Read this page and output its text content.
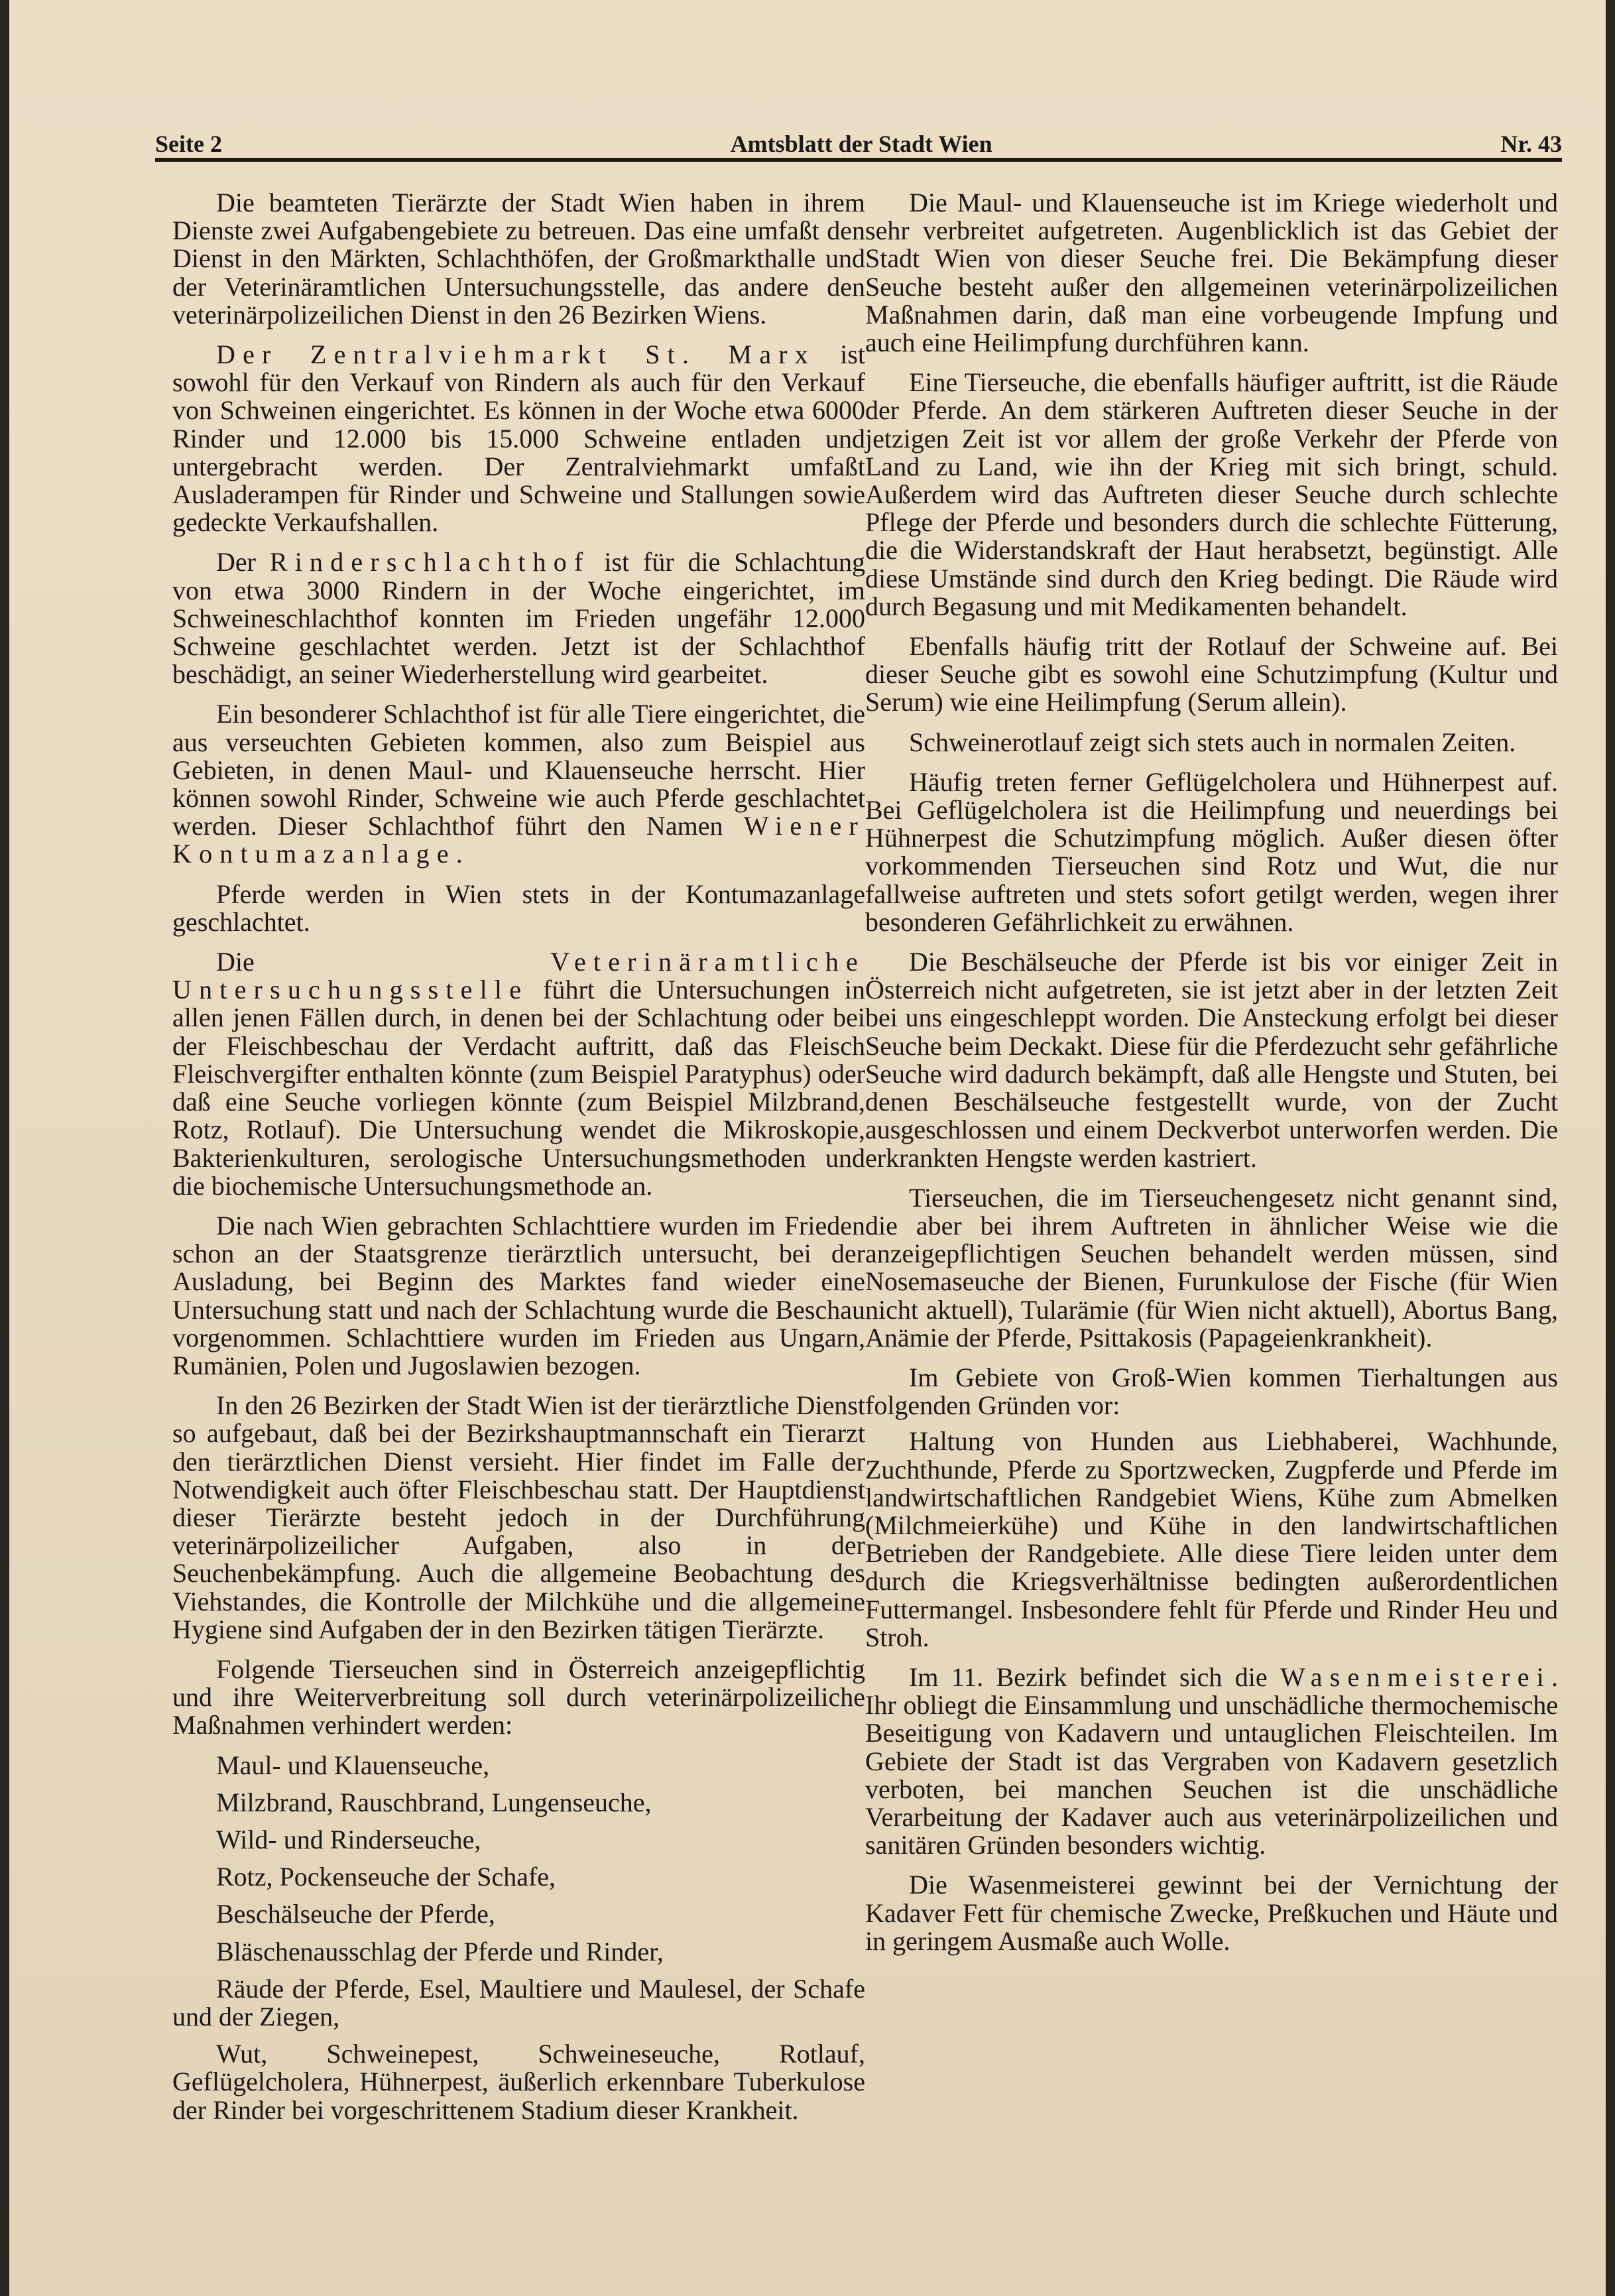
Seite 2	Amtsblatt der Stadt Wien	Nr. 43

Die beamteten Tierärzte der Stadt Wien haben in ihrem Dienste zwei Aufgabengebiete zu betreuen. Das eine umfaßt den Dienst in den Märkten, Schlachthöfen, der Großmarkthalle und der Veterinäramtlichen Untersuchungsstelle, das andere den veterinärpolizeilichen Dienst in den 26 Bezirken Wiens.

Der Zentralviehmarkt St. Marx ist sowohl für den Verkauf von Rindern als auch für den Verkauf von Schweinen eingerichtet. Es können in der Woche etwa 6000 Rinder und 12.000 bis 15.000 Schweine entladen und untergebracht werden. Der Zentralviehmarkt umfaßt Ausladerampen für Rinder und Schweine und Stallungen sowie gedeckte Verkaufshallen.

Der Rinderschlachthof ist für die Schlachtung von etwa 3000 Rindern in der Woche eingerichtet, im Schweineschlachthof konnten im Frieden ungefähr 12.000 Schweine geschlachtet werden. Jetzt ist der Schlachthof beschädigt, an seiner Wiederherstellung wird gearbeitet.

Ein besonderer Schlachthof ist für alle Tiere eingerichtet, die aus verseuchten Gebieten kommen, also zum Beispiel aus Gebieten, in denen Maul- und Klauenseuche herrscht. Hier können sowohl Rinder, Schweine wie auch Pferde geschlachtet werden. Dieser Schlachthof führt den Namen Wiener Kontumazanlage.

Pferde werden in Wien stets in der Kontumazanlage geschlachtet.

Die Veterinäramtliche Untersuchungsstelle führt die Untersuchungen in allen jenen Fällen durch, in denen bei der Schlachtung oder bei der Fleischbeschau der Verdacht auftritt, daß das Fleisch Fleischvergifter enthalten könnte (zum Beispiel Paratyphus) oder daß eine Seuche vorliegen könnte (zum Beispiel Milzbrand, Rotz, Rotlauf). Die Untersuchung wendet die Mikroskopie, Bakterienkulturen, serologische Untersuchungsmethoden und die biochemische Untersuchungsmethode an.

Die nach Wien gebrachten Schlachttiere wurden im Frieden schon an der Staatsgrenze tierärztlich untersucht, bei der Ausladung, bei Beginn des Marktes fand wieder eine Untersuchung statt und nach der Schlachtung wurde die Beschau vorgenommen. Schlachttiere wurden im Frieden aus Ungarn, Rumänien, Polen und Jugoslawien bezogen.

In den 26 Bezirken der Stadt Wien ist der tierärztliche Dienst so aufgebaut, daß bei der Bezirkshauptmannschaft ein Tierarzt den tierärztlichen Dienst versieht. Hier findet im Falle der Notwendigkeit auch öfter Fleischbeschau statt. Der Hauptdienst dieser Tierärzte besteht jedoch in der Durchführung veterinärpolizeilicher Aufgaben, also in der Seuchenbekämpfung. Auch die allgemeine Beobachtung des Viehstandes, die Kontrolle der Milchkühe und die allgemeine Hygiene sind Aufgaben der in den Bezirken tätigen Tierärzte.

Folgende Tierseuchen sind in Österreich anzeigepflichtig und ihre Weiterverbreitung soll durch veterinärpolizeiliche Maßnahmen verhindert werden:

Maul- und Klauenseuche,

Milzbrand, Rauschbrand, Lungenseuche,

Wild- und Rinderseuche,

Rotz, Pockenseuche der Schafe,

Beschälseuche der Pferde,

Bläschenausschlag der Pferde und Rinder,

Räude der Pferde, Esel, Maultiere und Maulesel, der Schafe und der Ziegen,

Wut, Schweinepest, Schweineseuche, Rotlauf, Geflügelcholera, Hühnerpest, äußerlich erkennbare Tuberkulose der Rinder bei vorgeschrittenem Stadium dieser Krankheit.

Die Maul- und Klauenseuche ist im Kriege wiederholt und sehr verbreitet aufgetreten. Augenblicklich ist das Gebiet der Stadt Wien von dieser Seuche frei. Die Bekämpfung dieser Seuche besteht außer den allgemeinen veterinärpolizeilichen Maßnahmen darin, daß man eine vorbeugende Impfung und auch eine Heilimpfung durchführen kann.

Eine Tierseuche, die ebenfalls häufiger auftritt, ist die Räude der Pferde. An dem stärkeren Auftreten dieser Seuche in der jetzigen Zeit ist vor allem der große Verkehr der Pferde von Land zu Land, wie ihn der Krieg mit sich bringt, schuld. Außerdem wird das Auftreten dieser Seuche durch schlechte Pflege der Pferde und besonders durch die schlechte Fütterung, die die Widerstandskraft der Haut herabsetzt, begünstigt. Alle diese Umstände sind durch den Krieg bedingt. Die Räude wird durch Begasung und mit Medikamenten behandelt.

Ebenfalls häufig tritt der Rotlauf der Schweine auf. Bei dieser Seuche gibt es sowohl eine Schutzimpfung (Kultur und Serum) wie eine Heilimpfung (Serum allein).

Schweinerotlauf zeigt sich stets auch in normalen Zeiten.

Häufig treten ferner Geflügelcholera und Hühnerpest auf. Bei Geflügelcholera ist die Heilimpfung und neuerdings bei Hühnerpest die Schutzimpfung möglich. Außer diesen öfter vorkommenden Tierseuchen sind Rotz und Wut, die nur fallweise auftreten und stets sofort getilgt werden, wegen ihrer besonderen Gefährlichkeit zu erwähnen.

Die Beschälseuche der Pferde ist bis vor einiger Zeit in Österreich nicht aufgetreten, sie ist jetzt aber in der letzten Zeit bei uns eingeschleppt worden. Die Ansteckung erfolgt bei dieser Seuche beim Deckakt. Diese für die Pferdezucht sehr gefährliche Seuche wird dadurch bekämpft, daß alle Hengste und Stuten, bei denen Beschälseuche festgestellt wurde, von der Zucht ausgeschlossen und einem Deckverbot unterworfen werden. Die erkrankten Hengste werden kastriert.

Tierseuchen, die im Tierseuchengesetz nicht genannt sind, die aber bei ihrem Auftreten in ähnlicher Weise wie die anzeigepflichtigen Seuchen behandelt werden müssen, sind Nosemaseuche der Bienen, Furunkulose der Fische (für Wien nicht aktuell), Tularämie (für Wien nicht aktuell), Abortus Bang, Anämie der Pferde, Psittakosis (Papageienkrankheit).

Im Gebiete von Groß-Wien kommen Tierhaltungen aus folgenden Gründen vor:

Haltung von Hunden aus Liebhaberei, Wachhunde, Zuchthunde, Pferde zu Sportzwecken, Zugpferde und Pferde im landwirtschaftlichen Randgebiet Wiens, Kühe zum Abmelken (Milchmeierkühe) und Kühe in den landwirtschaftlichen Betrieben der Randgebiete. Alle diese Tiere leiden unter dem durch die Kriegsverhältnisse bedingten außerordentlichen Futtermangel. Insbesondere fehlt für Pferde und Rinder Heu und Stroh.

Im 11. Bezirk befindet sich die Wasenmeisterei. Ihr obliegt die Einsammlung und unschädliche thermochemische Beseitigung von Kadavern und untauglichen Fleischteilen. Im Gebiete der Stadt ist das Vergraben von Kadavern gesetzlich verboten, bei manchen Seuchen ist die unschädliche Verarbeitung der Kadaver auch aus veterinärpolizeilichen und sanitären Gründen besonders wichtig.

Die Wasenmeisterei gewinnt bei der Vernichtung der Kadaver Fett für chemische Zwecke, Preßkuchen und Häute und in geringem Ausmaße auch Wolle.
